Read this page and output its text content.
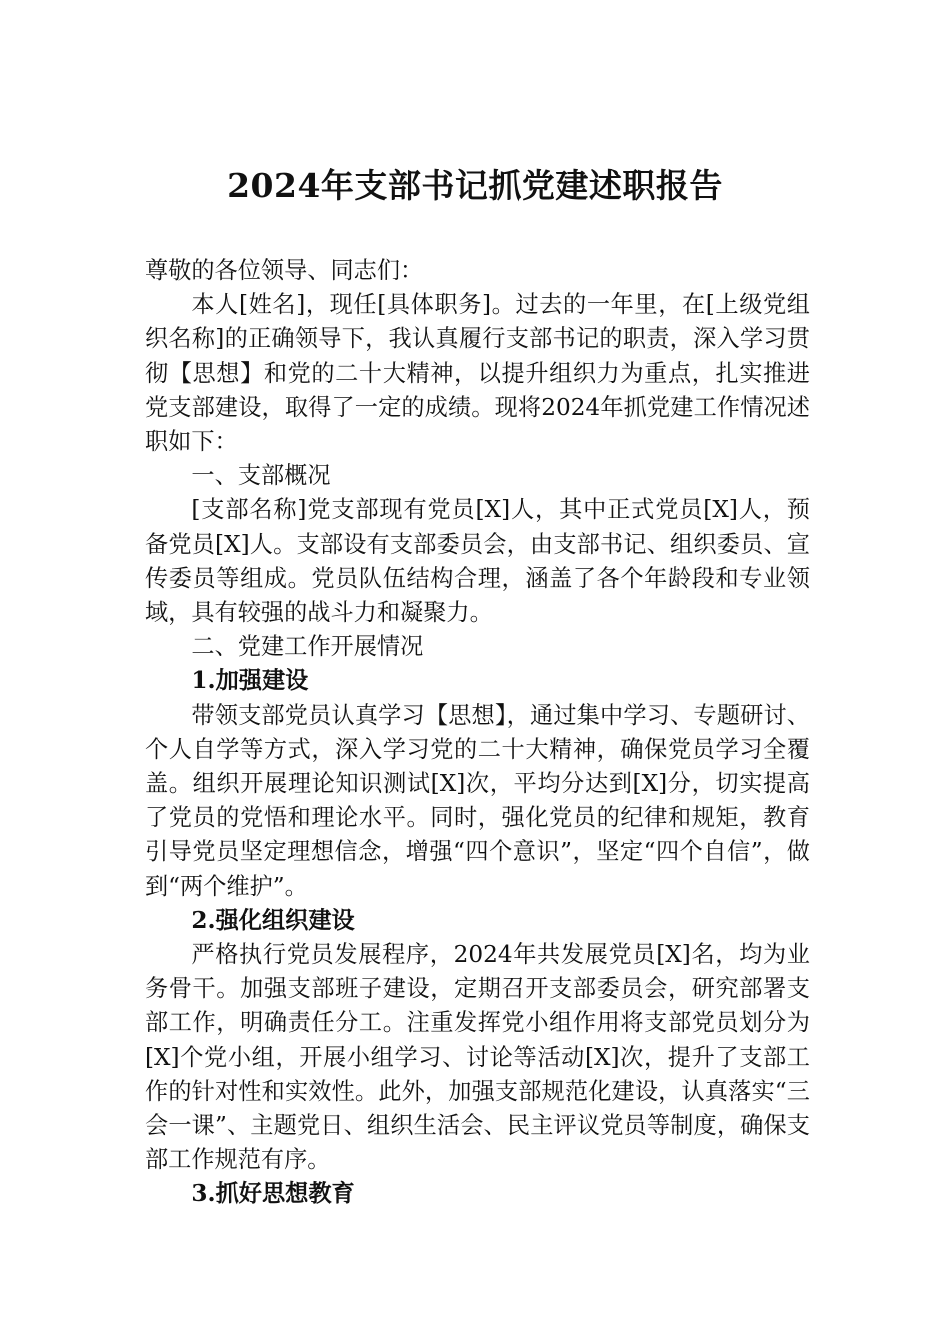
2024年支部书记抓党建述职报告

尊敬的各位领导、同志们：

本人[姓名]，现任[具体职务]。过去的一年里，在[上级党组织名称]的正确领导下，我认真履行支部书记的职责，深入学习贯彻【思想】和党的二十大精神，以提升组织力为重点，扎实推进党支部建设，取得了一定的成绩。现将2024年抓党建工作情况述职如下：

一、支部概况

[支部名称]党支部现有党员[X]人，其中正式党员[X]人，预备党员[X]人。支部设有支部委员会，由支部书记、组织委员、宣传委员等组成。党员队伍结构合理，涵盖了各个年龄段和专业领域，具有较强的战斗力和凝聚力。

二、党建工作开展情况

1.加强建设

带领支部党员认真学习【思想】，通过集中学习、专题研讨、个人自学等方式，深入学习党的二十大精神，确保党员学习全覆盖。组织开展理论知识测试[X]次，平均分达到[X]分，切实提高了党员的党悟和理论水平。同时，强化党员的纪律和规矩，教育引导党员坚定理想信念，增强“四个意识”，坚定“四个自信”，做到“两个维护”。

2.强化组织建设

严格执行党员发展程序，2024年共发展党员[X]名，均为业务骨干。加强支部班子建设，定期召开支部委员会，研究部署支部工作，明确责任分工。注重发挥党小组作用将支部党员划分为[X]个党小组，开展小组学习、讨论等活动[X]次，提升了支部工作的针对性和实效性。此外，加强支部规范化建设，认真落实“三会一课”、主题党日、组织生活会、民主评议党员等制度，确保支部工作规范有序。

3.抓好思想教育
